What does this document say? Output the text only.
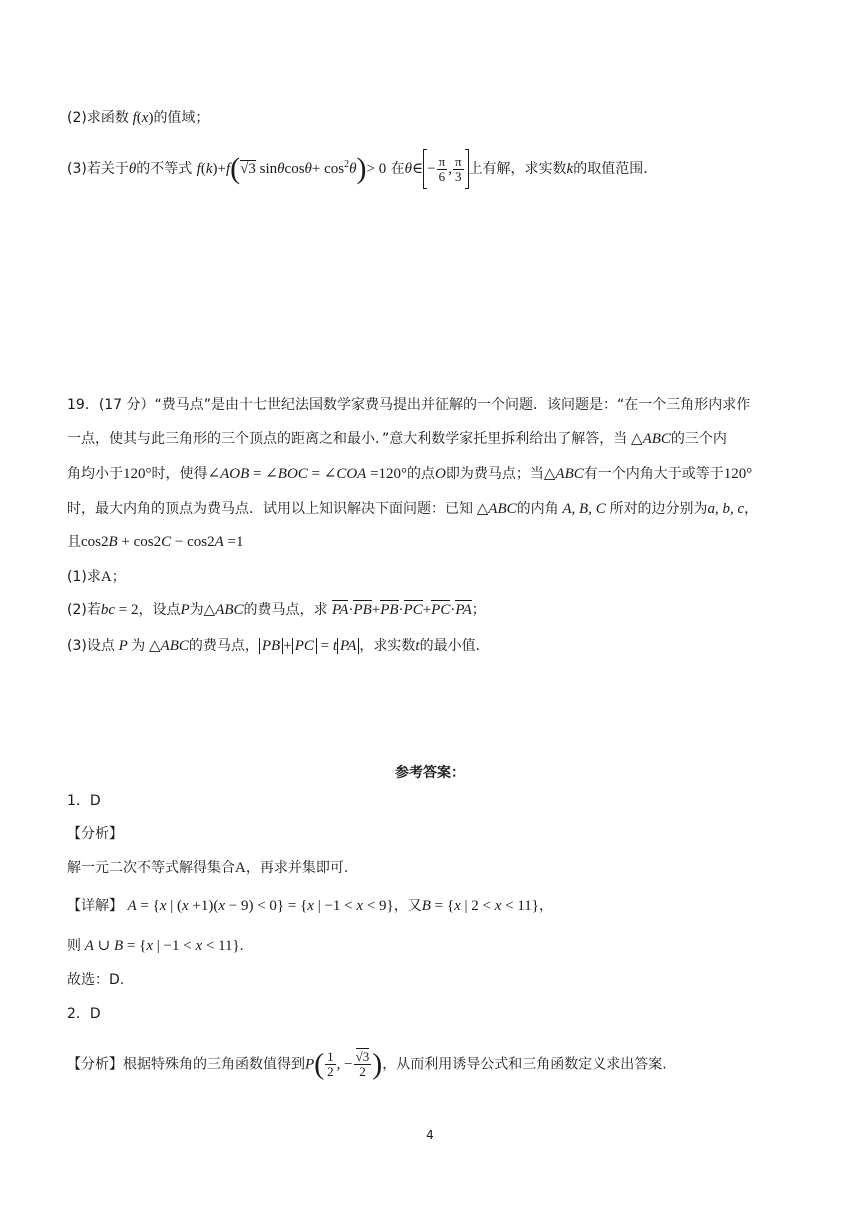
(2)求函数 f(x)的值域；
(3)若关于θ的不等式 f(k)+f(√3 $\sin\theta\cos\theta+ \cos^2\theta)> 0$ 在θ∈ − $\frac{\pi}{6}$ , $\frac{\pi}{3}$ 上有解，求实数k的取值范围．
19．(17 分）“费马点”是由十七世纪法国数学家费马提出并征解的一个问题．该问题是：“在一个三角形内求作
一点，使其与此三角形的三个顶点的距离之和最小．”意大利数学家托里拆利给出了解答，当 △ABC的三个内
角均小于120°时，使得∠AOB = ∠BOC = ∠COA =120°的点O即为费马点；当△ABC有一个内角大于或等于120°
时，最大内角的顶点为费马点．试用以上知识解决下面问题：已知 △ABC的内角 A, B, C 所对的边分别为a, b, c，
且cos2B + cos2C − cos2A =1
(1)求A；
(2)若bc = 2，设点P为△ABC的费马点，求 PA·PB+PB·PC+PC·PA；
(3)设点 P 为 △ABC的费马点， PB + PC = t PA ，求实数t的最小值．
参考答案：
1．D
【分析】
解一元二次不等式解得集合A，再求并集即可.
【详解】 A = {x | (x +1)(x − 9) < 0} = {x | −1 < x < 9}，又B = {x | 2 < x < 11}，
则 A ∪ B = {x | −1 < x < 11}.
故选：D.
2．D
【分析】根据特殊角的三角函数值得到$P( \frac{1}{2}$ , − $\frac{√3}{2}$ )，从而利用诱导公式和三角函数定义求出答案.
4
